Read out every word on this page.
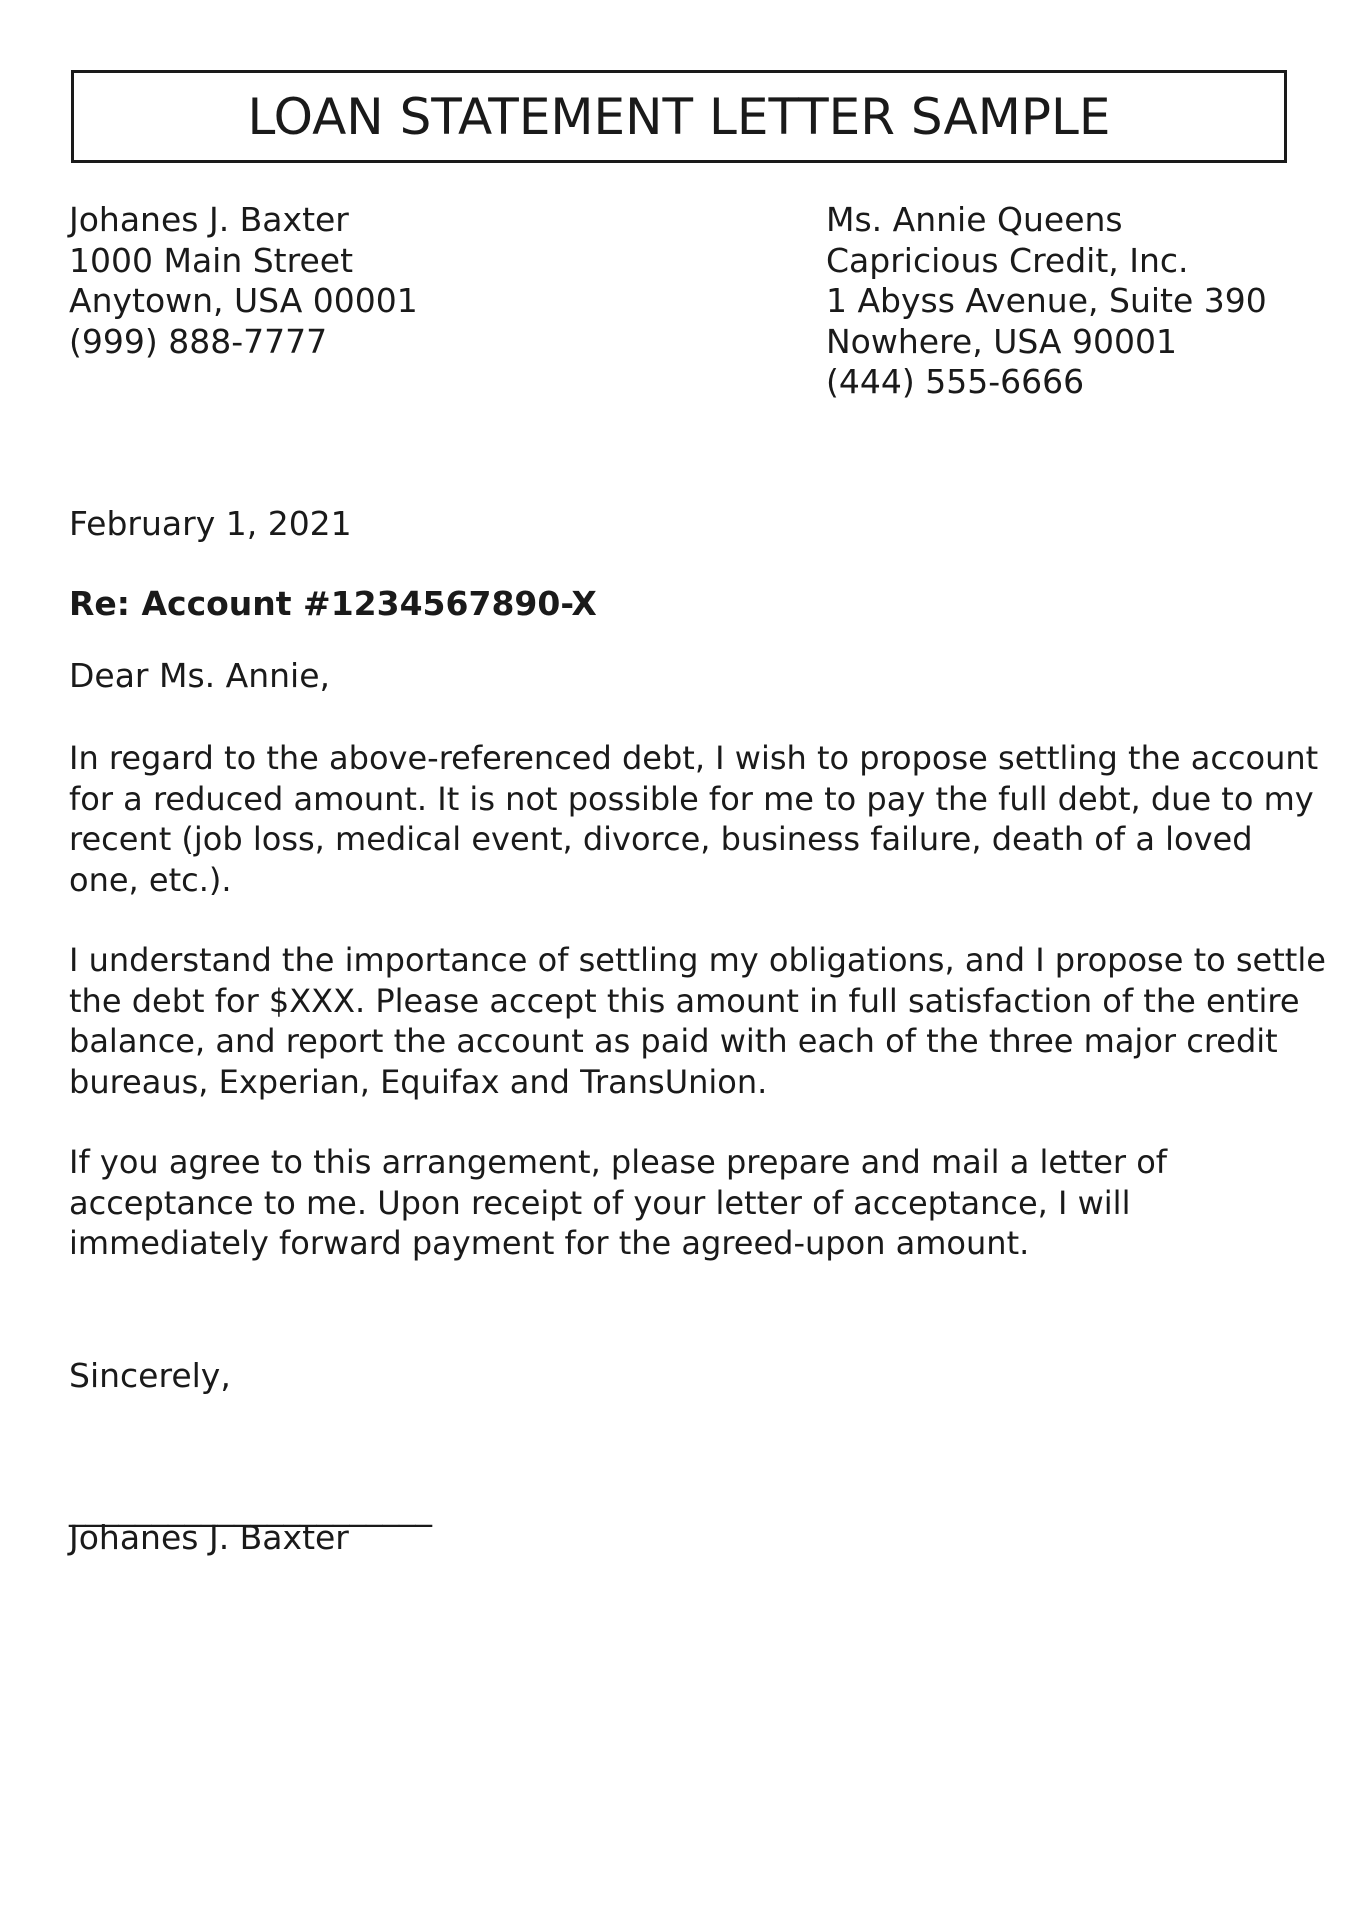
LOAN STATEMENT LETTER SAMPLE
Johanes J. Baxter
1000 Main Street
Anytown, USA 00001
(999) 888-7777
Ms. Annie Queens
Capricious Credit, Inc.
1 Abyss Avenue, Suite 390
Nowhere, USA 90001
(444) 555-6666
February 1, 2021
Re: Account #1234567890-X
Dear Ms. Annie,
In regard to the above-referenced debt, I wish to propose settling the account
for a reduced amount. It is not possible for me to pay the full debt, due to my
recent (job loss, medical event, divorce, business failure, death of a loved
one, etc.).
I understand the importance of settling my obligations, and I propose to settle
the debt for $XXX. Please accept this amount in full satisfaction of the entire
balance, and report the account as paid with each of the three major credit
bureaus, Experian, Equifax and TransUnion.
If you agree to this arrangement, please prepare and mail a letter of
acceptance to me. Upon receipt of your letter of acceptance, I will
immediately forward payment for the agreed-upon amount.
Sincerely,
______________________
Johanes J. Baxter
